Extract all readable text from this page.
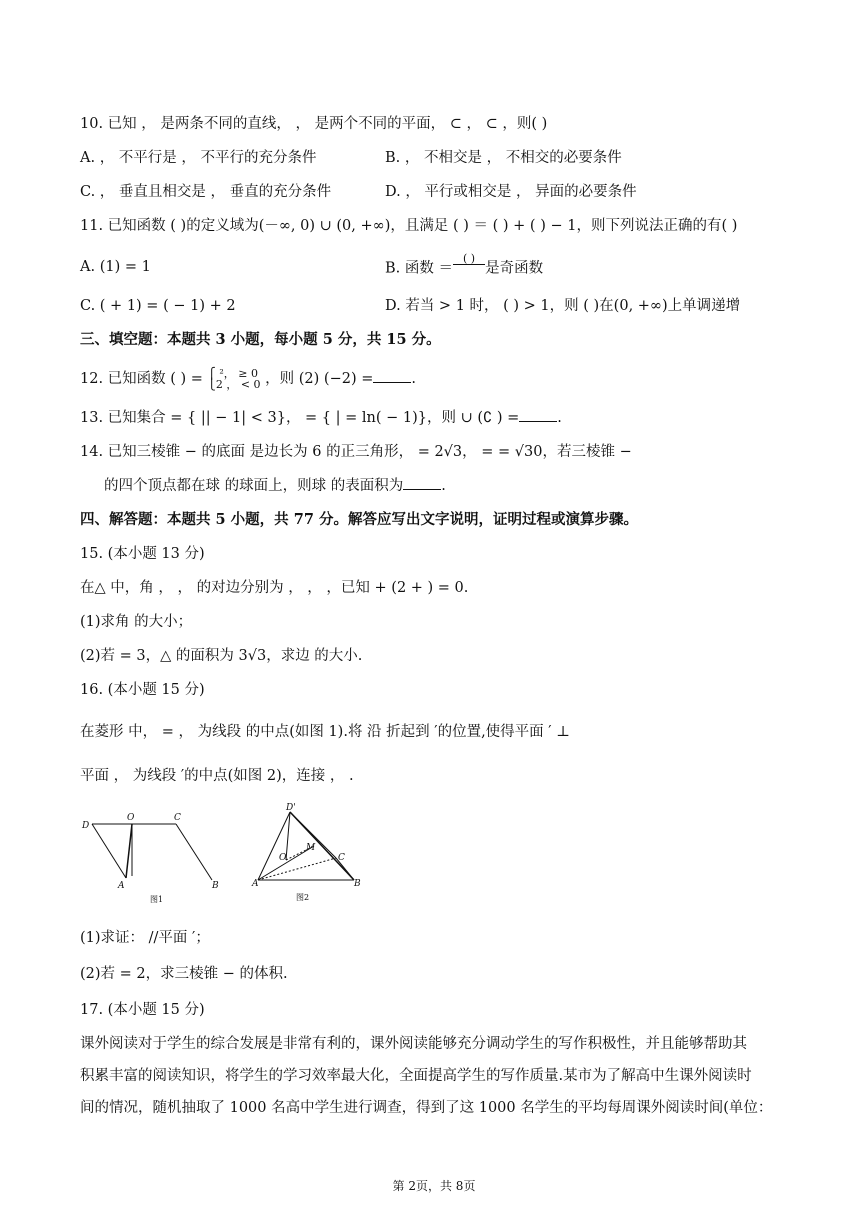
10. 已知 ， 是两条不同的直线， ， 是两个不同的平面， ⊂ ， ⊂ ，则( )
A. ， 不平行是 ， 不平行的充分条件	B. ， 不相交是 ， 不相交的必要条件
C. ， 垂直且相交是 ， 垂直的充分条件	D. ， 平行或相交是 ， 异面的必要条件
11. 已知函数 ( )的定义域为(－∞, 0) ∪ (0, +∞)，且满足 ( ) ＝ ( ) + ( ) − 1，则下列说法正确的有( )
A. (1) = 1	B. 函数 ＝
( )

是奇函数
C. ( + 1) = ( − 1) + 2	D. 若当 > 1 时， ( ) > 1，则 ( )在(0, +∞)上单调递增
三、填空题：本题共 3 小题，每小题 5 分，共 15 分。
12. 已知函数 ( ) = ⎧ ²， ≥ 0
⎩2 ， < 0 ，则 (2) (−2) =	.
13. 已知集合 = { || − 1| < 3}， = { | = ln( − 1)}，则 ∪ (∁ ) =	.
14. 已知三棱锥 − 的底面 是边长为 6 的正三角形， = 2√3， = = √30，若三棱锥 −
的四个顶点都在球 的球面上，则球 的表面积为	.
四、解答题：本题共 5 小题，共 77 分。解答应写出文字说明，证明过程或演算步骤。
15. (本小题 13 分)
在△ 中，角 ， ， 的对边分别为 ， ， ，已知 + (2 + ) = 0.
(1)求角 的大小；
(2)若 = 3，△ 的面积为 3√3，求边 的大小.
16. (本小题 15 分)
在菱形 中， = ， 为线段 的中点(如图 1).将 沿 折起到 ′的位置,使得平面 ′ ⊥
平面 ， 为线段 ′的中点(如图 2)，连接 ， .
D
O	C
A	B
图1
D'
O
M
C
A	B
图2
(1)求证： //平面 ′；
(2)若 = 2，求三棱锥 − 的体积.
17. (本小题 15 分)
课外阅读对于学生的综合发展是非常有利的，课外阅读能够充分调动学生的写作积极性，并且能够帮助其
积累丰富的阅读知识，将学生的学习效率最大化，全面提高学生的写作质量.某市为了解高中生课外阅读时
间的情况，随机抽取了 1000 名高中学生进行调查，得到了这 1000 名学生的平均每周课外阅读时间(单位：
第 2页，共 8页
